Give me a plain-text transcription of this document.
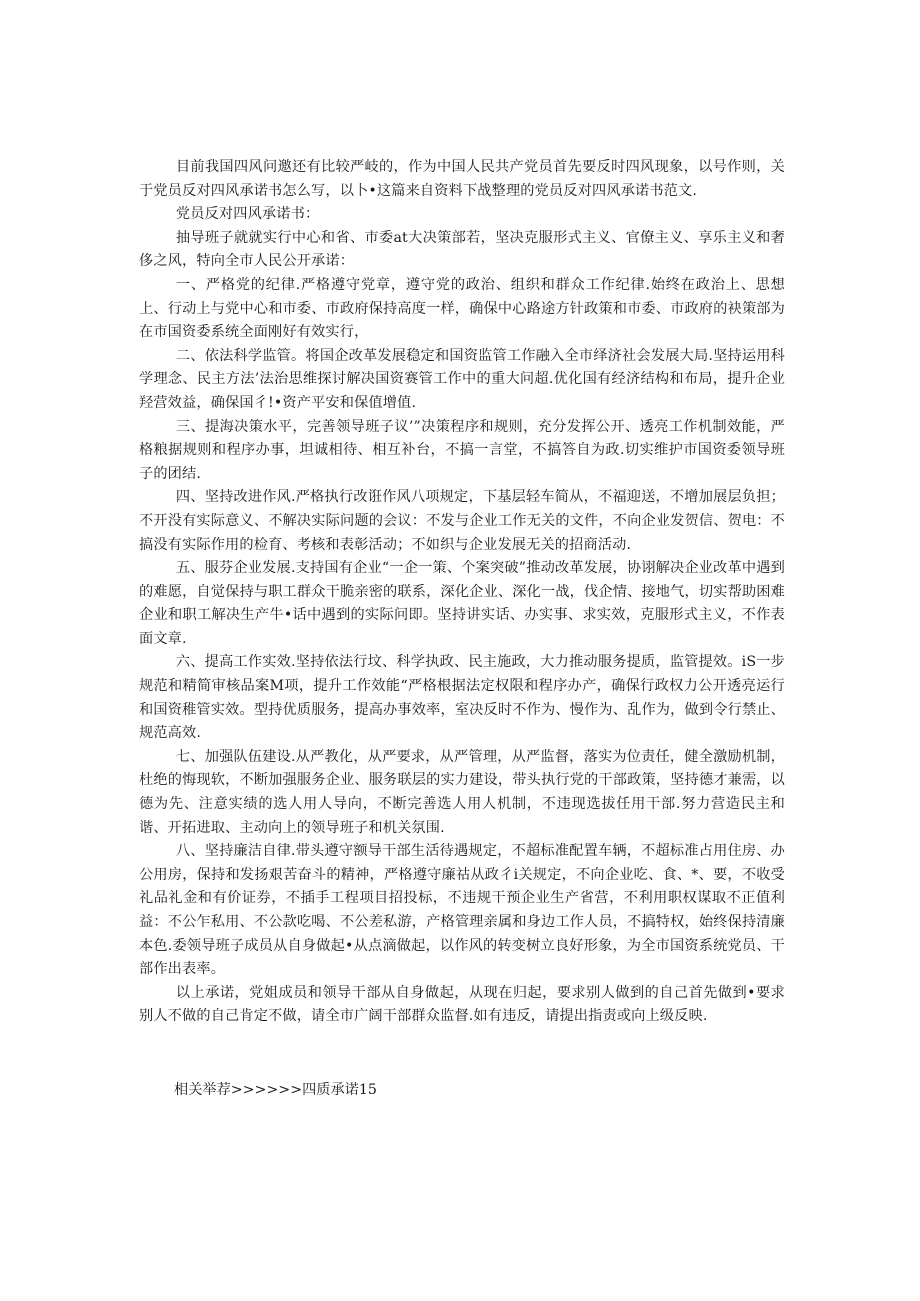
目前我国四风问邀还有比较严岐的，作为中国人民共产党员首先要反时四风现象，以号作则，关于党员反对四风承诺书怎么写，以卜•这篇来自资料下战整理的党员反对四风承诺书范文.

党员反对四风承诺书：

抽导班子就就实行中心和省、市委at大决策部若，坚决克服形式主义、官僚主义、享乐主义和奢侈之风，特向全市人民公开承诺：

一、严格党的纪律.严格遵守党章，遵守党的政治、组织和群众工作纪律.始终在政治上、思想上、行动上与党中心和市委、市政府保持高度一样，确保中心路途方针政策和市委、市政府的袂策部为在市国资委系统全面刚好有效实行，

二、依法科学监管。将国企改革发展稳定和国资监管工作融入全市绎济社会发展大局.坚持运用科学理念、民主方法’法治思维探讨解决国资赛管工作中的重大问超.优化国有经济结构和布局，提升企业羟营效益，确保国彳!•资产平安和保值增值.

三、提海决策水平，完善领导班子议’”决策程序和规则，充分发挥公开、透亮工作机制效能，严格粮据规则和程序办事，坦诚相待、相互补台，不搞一言堂，不搞答自为政.切实维护市国资委领导班子的团结.

四、坚持改进作风.严格执行改诳作风八项规定，下基层轻车简从，不福迎送，不增加展层负担；不开没有实际意义、不解决实际问题的会议：不发与企业工作无关的文件，不向企业发贺信、贺电：不搞没有实际作用的检育、考核和表彰活动；不如织与企业发展无关的招商活动.

五、服芬企业发展.支持国有企业“一企一策、个案突破”推动改革发展，协诩解决企业改革中遇到的难愿，自觉保持与职工群众干脆亲密的联系，深化企业、深化一战，伐企情、接地气，切实帮助困难企业和职工解决生产牛•话中遇到的实际问即。坚持讲实话、办实事、求实效，克服形式主义，不作表面文章.

六、提高工作实效.坚持依法行坟、科学执政、民主施政，大力推动服务提质，监管提效。iS一步规范和精简审核品案M项，提升工作效能“严格根据法定权限和程序办产，确保行政权力公开透亮运行和国资稚管实效。型持优质服务，提高办事效率，室决反时不作为、慢作为、乱作为，做到令行禁止、规范高效.

七、加强队伍建设.从严教化，从严要求，从严管理，从严监督，落实为位责任，健全激励机制，杜绝的悔现软，不断加强服务企业、服务联层的实力建设，带头执行党的干部政策，坚持德才兼需，以德为先、注意实绩的选人用人导向，不断完善选人用人机制，不违现选拔任用干部.努力营造民主和谐、开拓进取、主动向上的领导班子和机关氛围.

八、坚持廉洁自律.带头遵守额导干部生活待遇规定，不超标准配置车辆，不超标准占用住房、办公用房，保持和发扬艰苦奋斗的精神，严格遵守廉祜从政彳i关规定，不向企业吃、食、*、要，不收受礼品礼金和有价证券，不插手工程项目招投标，不违规干预企业生产省营，不利用职权谋取不正值利益：不公乍私用、不公款吃喝、不公差私游，产格管理亲属和身边工作人员，不搞特权，始终保持清廉本色.委领导班子成员从自身做起•从点滴做起，以作风的转变树立良好形象，为全市国资系统党员、干部作出表率。

以上承诺，党姐成员和领导干部从自身做起，从现在归起，要求别人做到的自己首先做到•要求别人不做的自己肯定不做，请全市广阔干部群众监督.如有违反，请提出指责或向上级反映.

相关举荐>>>>>>四质承诺15
